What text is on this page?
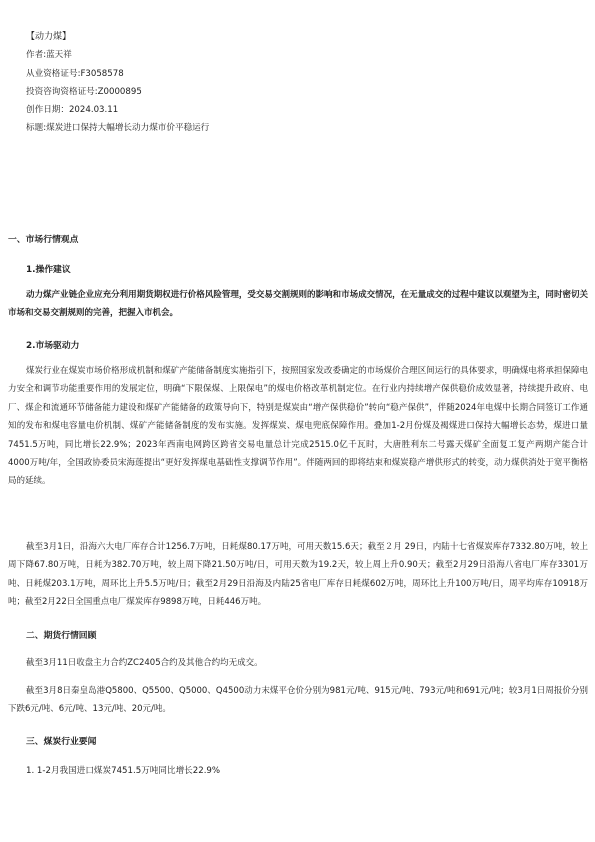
【动力煤】
作者:蓝天祥
从业资格证号:F3058578
投资咨询资格证号:Z0000895
创作日期：2024.03.11
标题:煤炭进口保持大幅增长动力煤市价平稳运行
一、市场行情观点
1.操作建议
动力煤产业链企业应充分利用期货期权进行价格风险管理，受交易交割规则的影响和市场成交情况，在无量成交的过程中建议以观望为主，同时密切关市场和交易交割规则的完善，把握入市机会。
2.市场驱动力
煤炭行业在煤炭市场价格形成机制和煤矿产能储备制度实施指引下，按照国家发改委确定的市场煤价合理区间运行的具体要求，明确煤电将承担保障电力安全和调节功能重要作用的发展定位，明确“下限保煤、上限保电”的煤电价格改革机制定位。在行业内持续增产保供稳价成效显著，持续提升政府、电厂、煤企和流通环节储备能力建设和煤矿产能储备的政策导向下，特别是煤炭由“增产保供稳价”转向“稳产保供”，伴随2024年电煤中长期合同签订工作通知的发布和煤电容量电价机制、煤矿产能储备制度的发布实施。发挥煤炭、煤电兜底保障作用。叠加1-2月份煤及褐煤进口保持大幅增长态势，煤进口量7451.5万吨，同比增长22.9%；2023年西南电网跨区跨省交易电量总计完成2515.0亿千瓦时，大唐胜利东二号露天煤矿全面复工复产两期产能合计4000万吨/年，全国政协委员宋海莲提出“更好发挥煤电基础性支撑调节作用”。伴随两回的即将结束和煤炭稳产增供形式的转变，动力煤供消处于宽平衡格局的延续。
截至3月1日，沿海六大电厂库存合计1256.7万吨，日耗煤80.17万吨，可用天数15.6天；截至２月 29日，内陆十七省煤炭库存7332.80万吨，较上周下降67.80万吨，日耗为382.70万吨，较上周下降21.50万吨/日，可用天数为19.2天，较上周上升0.90天；截至2月29日沿海八省电厂库存3301万吨、日耗煤203.1万吨，周环比上升5.5万吨/日；截至2月29日沿海及内陆25省电厂库存日耗煤602万吨，周环比上升100万吨/日，周平均库存10918万吨；截至2月22日全国重点电厂煤炭库存9898万吨，日耗446万吨。
二、期货行情回顾
截至3月11日收盘主力合约ZC2405合约及其他合约均无成交。
截至3月8日秦皇岛港Q5800、Q5500、Q5000、Q4500动力末煤平仓价分别为981元/吨、915元/吨、793元/吨和691元/吨；较3月1日周报价分别下跌6元/吨、6元/吨、13元/吨、20元/吨。
三、煤炭行业要闻
1. 1-2月我国进口煤炭7451.5万吨同比增长22.9%
